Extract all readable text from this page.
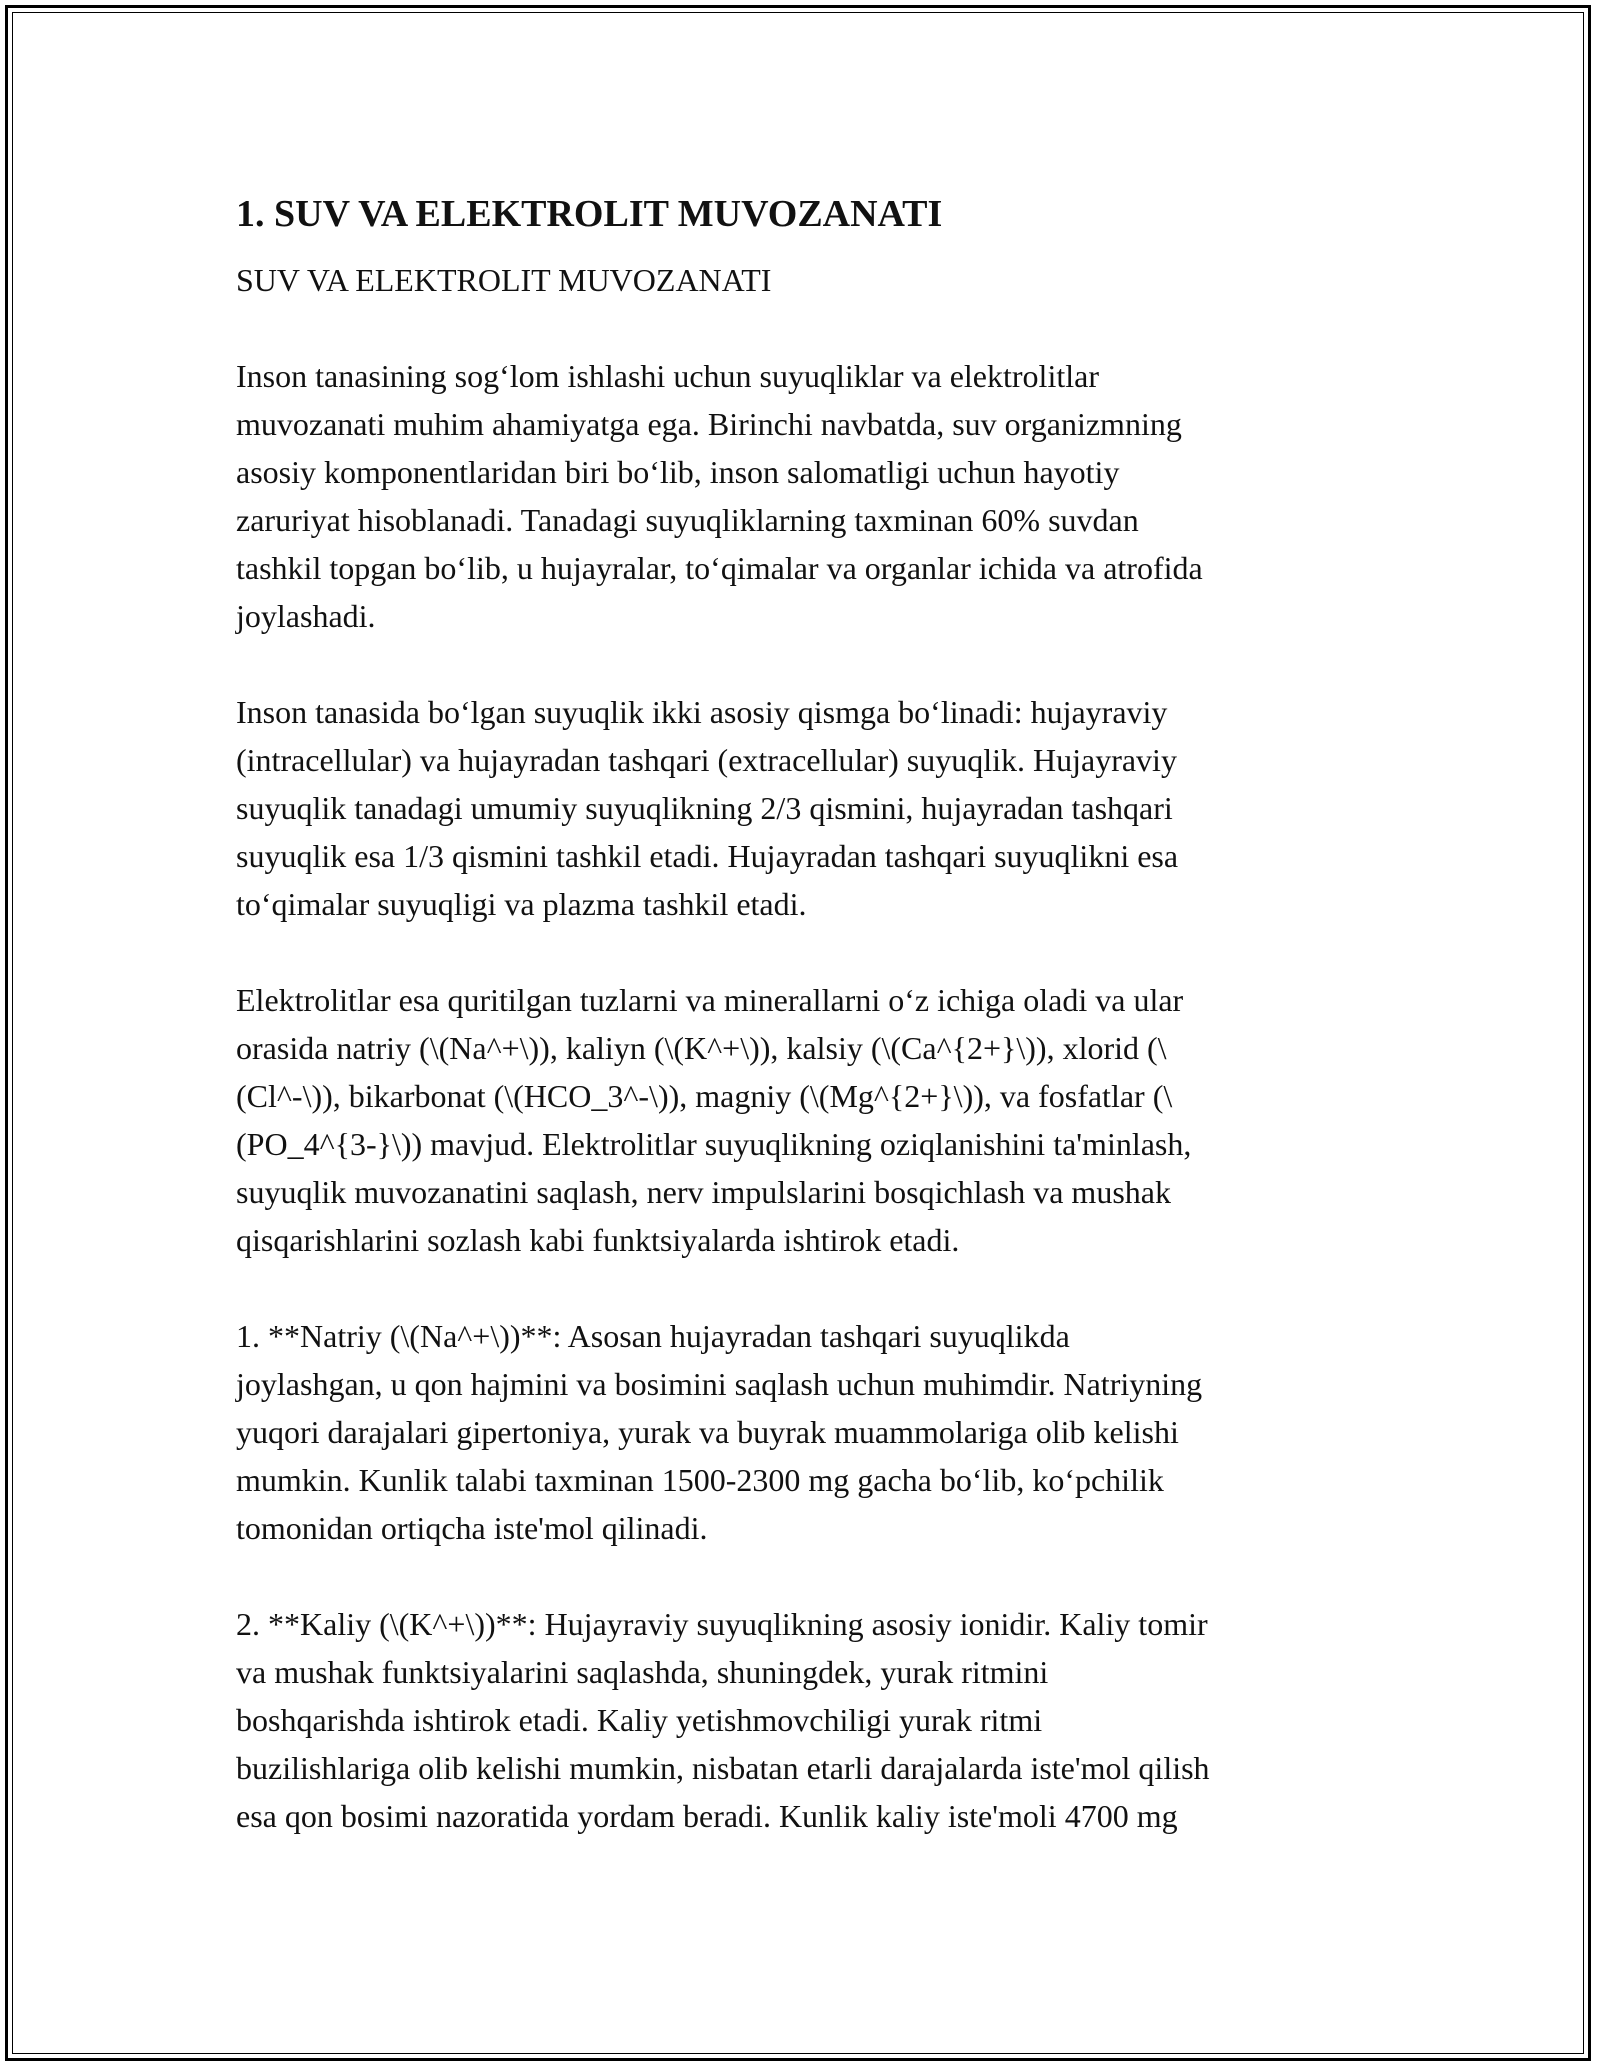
1. SUV VA ELEKTROLIT MUVOZANATI
SUV VA ELEKTROLIT MUVOZANATI
Inson tanasining sog‘lom ishlashi uchun suyuqliklar va elektrolitlar
muvozanati muhim ahamiyatga ega. Birinchi navbatda, suv organizmning
asosiy komponentlaridan biri bo‘lib, inson salomatligi uchun hayotiy
zaruriyat hisoblanadi. Tanadagi suyuqliklarning taxminan 60% suvdan
tashkil topgan bo‘lib, u hujayralar, to‘qimalar va organlar ichida va atrofida
joylashadi.
Inson tanasida bo‘lgan suyuqlik ikki asosiy qismga bo‘linadi: hujayraviy
(intracellular) va hujayradan tashqari (extracellular) suyuqlik. Hujayraviy
suyuqlik tanadagi umumiy suyuqlikning 2/3 qismini, hujayradan tashqari
suyuqlik esa 1/3 qismini tashkil etadi. Hujayradan tashqari suyuqlikni esa
to‘qimalar suyuqligi va plazma tashkil etadi.
Elektrolitlar esa quritilgan tuzlarni va minerallarni o‘z ichiga oladi va ular
orasida natriy (\(Na^+\)), kaliyn (\(K^+\)), kalsiy (\(Ca^{2+}\)), xlorid (\
(Cl^-\)), bikarbonat (\(HCO_3^-\)), magniy (\(Mg^{2+}\)), va fosfatlar (\
(PO_4^{3-}\)) mavjud. Elektrolitlar suyuqlikning oziqlanishini ta'minlash,
suyuqlik muvozanatini saqlash, nerv impulslarini bosqichlash va mushak
qisqarishlarini sozlash kabi funktsiyalarda ishtirok etadi.
1. **Natriy (\(Na^+\))**: Asosan hujayradan tashqari suyuqlikda
joylashgan, u qon hajmini va bosimini saqlash uchun muhimdir. Natriyning
yuqori darajalari gipertoniya, yurak va buyrak muammolariga olib kelishi
mumkin. Kunlik talabi taxminan 1500-2300 mg gacha bo‘lib, ko‘pchilik
tomonidan ortiqcha iste'mol qilinadi.
2. **Kaliy (\(K^+\))**: Hujayraviy suyuqlikning asosiy ionidir. Kaliy tomir
va mushak funktsiyalarini saqlashda, shuningdek, yurak ritmini
boshqarishda ishtirok etadi. Kaliy yetishmovchiligi yurak ritmi
buzilishlariga olib kelishi mumkin, nisbatan etarli darajalarda iste'mol qilish
esa qon bosimi nazoratida yordam beradi. Kunlik kaliy iste'moli 4700 mg
